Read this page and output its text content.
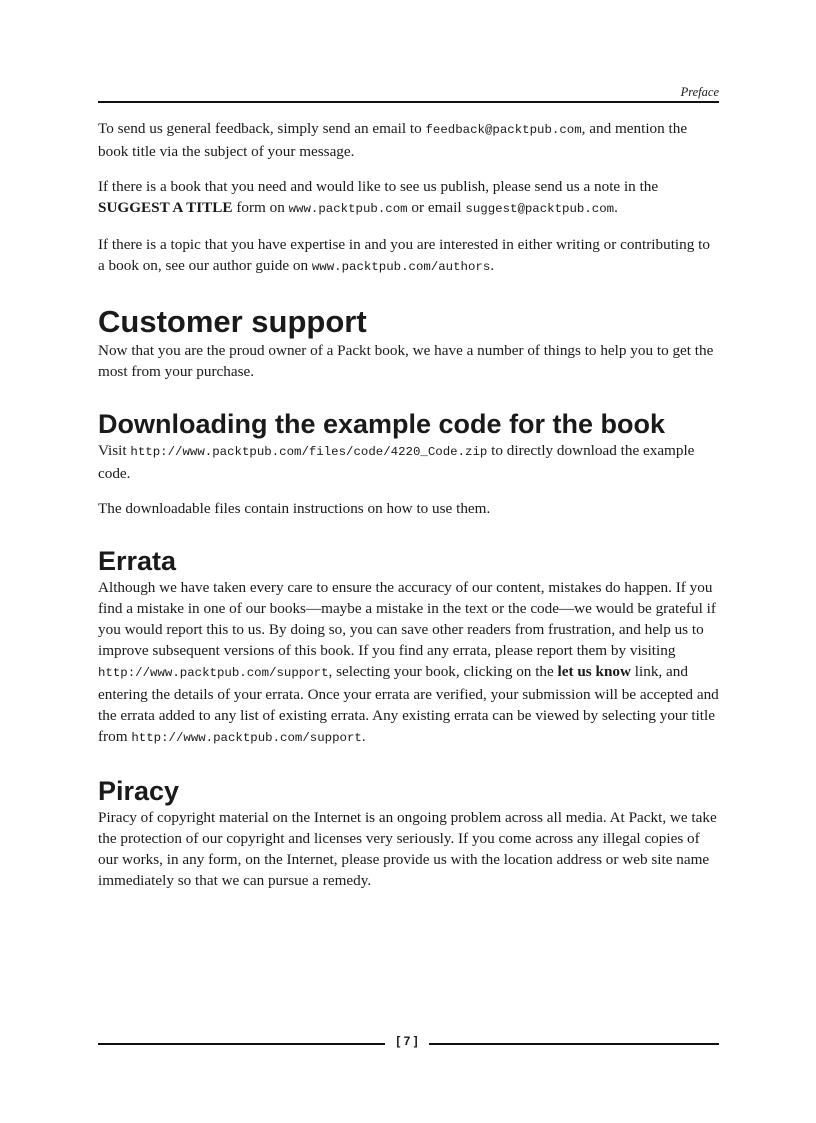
Preface

To send us general feedback, simply send an email to feedback@packtpub.com, and mention the book title via the subject of your message.

If there is a book that you need and would like to see us publish, please send us a note in the SUGGEST A TITLE form on www.packtpub.com or email suggest@packtpub.com.

If there is a topic that you have expertise in and you are interested in either writing or contributing to a book on, see our author guide on www.packtpub.com/authors.

Customer support

Now that you are the proud owner of a Packt book, we have a number of things to help you to get the most from your purchase.

Downloading the example code for the book

Visit http://www.packtpub.com/files/code/4220_Code.zip to directly download the example code.

The downloadable files contain instructions on how to use them.

Errata

Although we have taken every care to ensure the accuracy of our content, mistakes do happen. If you find a mistake in one of our books—maybe a mistake in the text or the code—we would be grateful if you would report this to us. By doing so, you can save other readers from frustration, and help us to improve subsequent versions of this book. If you find any errata, please report them by visiting http://www.packtpub.com/support, selecting your book, clicking on the let us know link, and entering the details of your errata. Once your errata are verified, your submission will be accepted and the errata added to any list of existing errata. Any existing errata can be viewed by selecting your title from http://www.packtpub.com/support.

Piracy

Piracy of copyright material on the Internet is an ongoing problem across all media. At Packt, we take the protection of our copyright and licenses very seriously. If you come across any illegal copies of our works, in any form, on the Internet, please provide us with the location address or web site name immediately so that we can pursue a remedy.

[ 7 ]
